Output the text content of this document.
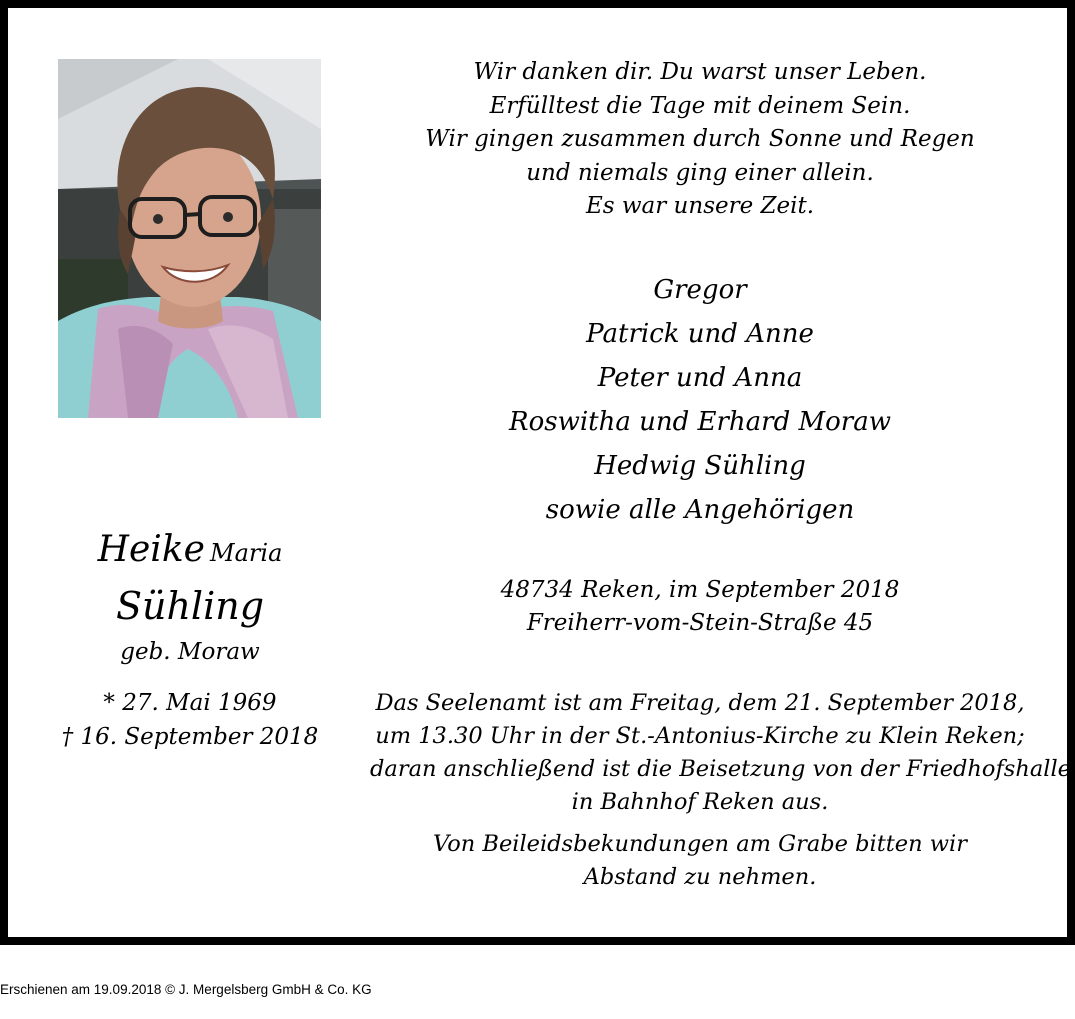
Heike Maria
Sühling
geb. Moraw
* 27. Mai 1969
† 16. September 2018
Wir danken dir. Du warst unser Leben.
Erfülltest die Tage mit deinem Sein.
Wir gingen zusammen durch Sonne und Regen
und niemals ging einer allein.
Es war unsere Zeit.
Gregor
Patrick und Anne
Peter und Anna
Roswitha und Erhard Moraw
Hedwig Sühling
sowie alle Angehörigen
48734 Reken, im September 2018
Freiherr-vom-Stein-Straße 45
Das Seelenamt ist am Freitag, dem 21. September 2018,
um 13.30 Uhr in der St.-Antonius-Kirche zu Klein Reken;
daran anschließend ist die Beisetzung von der Friedhofshalle
in Bahnhof Reken aus.
Von Beileidsbekundungen am Grabe bitten wir
Abstand zu nehmen.
Erschienen am 19.09.2018 © J. Mergelsberg GmbH & Co. KG
